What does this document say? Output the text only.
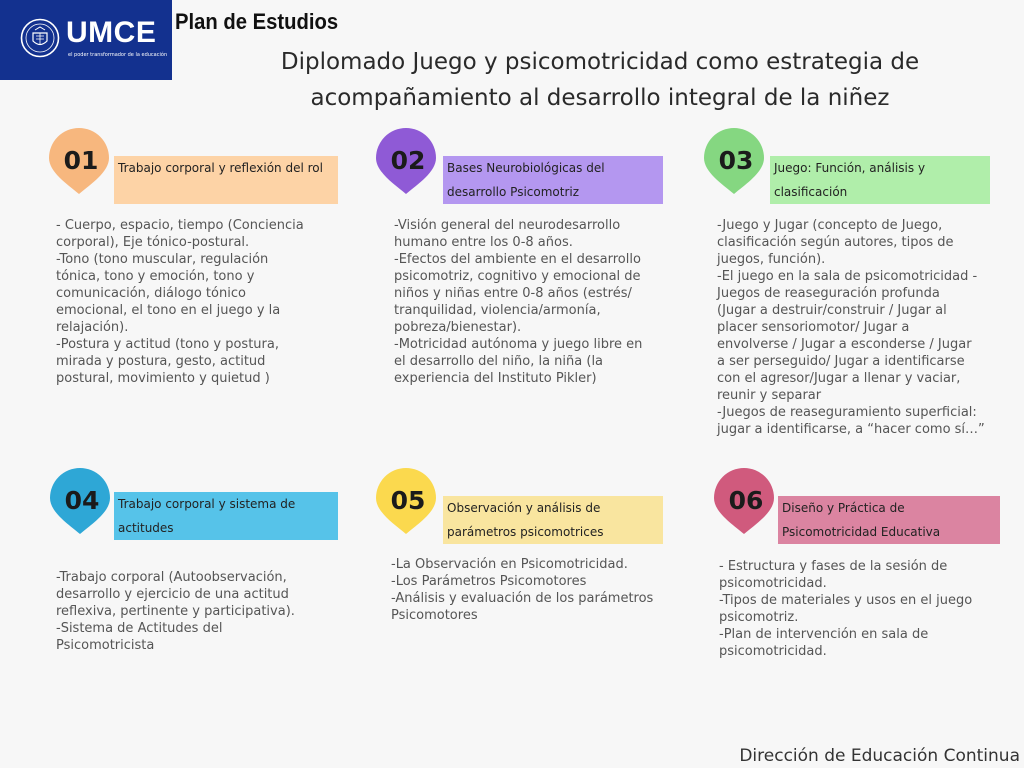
UMCE
el poder transformador de la educación
Plan de Estudios
Diplomado Juego y psicomotricidad como estrategia de
acompañamiento al desarrollo integral de la niñez
Trabajo corporal y reflexión del rol
01

- Cuerpo, espacio, tiempo (Conciencia
corporal), Eje tónico-postural.
-Tono (tono muscular, regulación
tónica, tono y emoción, tono y
comunicación, diálogo tónico
emocional, el tono en el juego y la
relajación).
-Postura y actitud (tono y postura,
mirada y postura, gesto, actitud
postural, movimiento y quietud )

Bases Neurobiológicas del desarrollo Psicomotriz
02

-Visión general del neurodesarrollo
humano entre los 0-8 años.
-Efectos del ambiente en el desarrollo
psicomotriz, cognitivo y emocional de
niños y niñas entre 0-8 años (estrés/
tranquilidad, violencia/armonía,
pobreza/bienestar).
-Motricidad autónoma y juego libre en
el desarrollo del niño, la niña (la
experiencia del Instituto Pikler)

Juego: Función, análisis y clasificación
03

-Juego y Jugar (concepto de Juego,
clasificación según autores, tipos de
juegos, función).
-El juego en la sala de psicomotricidad -
Juegos de reaseguración profunda
(Jugar a destruir/construir / Jugar al
placer sensoriomotor/ Jugar a
envolverse / Jugar a esconderse / Jugar
a ser perseguido/ Jugar a identificarse
con el agresor/Jugar a llenar y vaciar,
reunir y separar
-Juegos de reaseguramiento superficial:
jugar a identificarse, a “hacer como sí…”

Trabajo corporal y sistema de actitudes
04

-Trabajo corporal (Autoobservación,
desarrollo y ejercicio de una actitud
reflexiva, pertinente y participativa).
-Sistema de Actitudes del
Psicomotricista

Observación y análisis de parámetros psicomotrices
05

-La Observación en Psicomotricidad.
-Los Parámetros Psicomotores
-Análisis y evaluación de los parámetros
Psicomotores

Diseño y Práctica de Psicomotricidad Educativa
06

- Estructura y fases de la sesión de
psicomotricidad.
-Tipos de materiales y usos en el juego
psicomotriz.
-Plan de intervención en sala de
psicomotricidad.

Dirección de Educación Continua
